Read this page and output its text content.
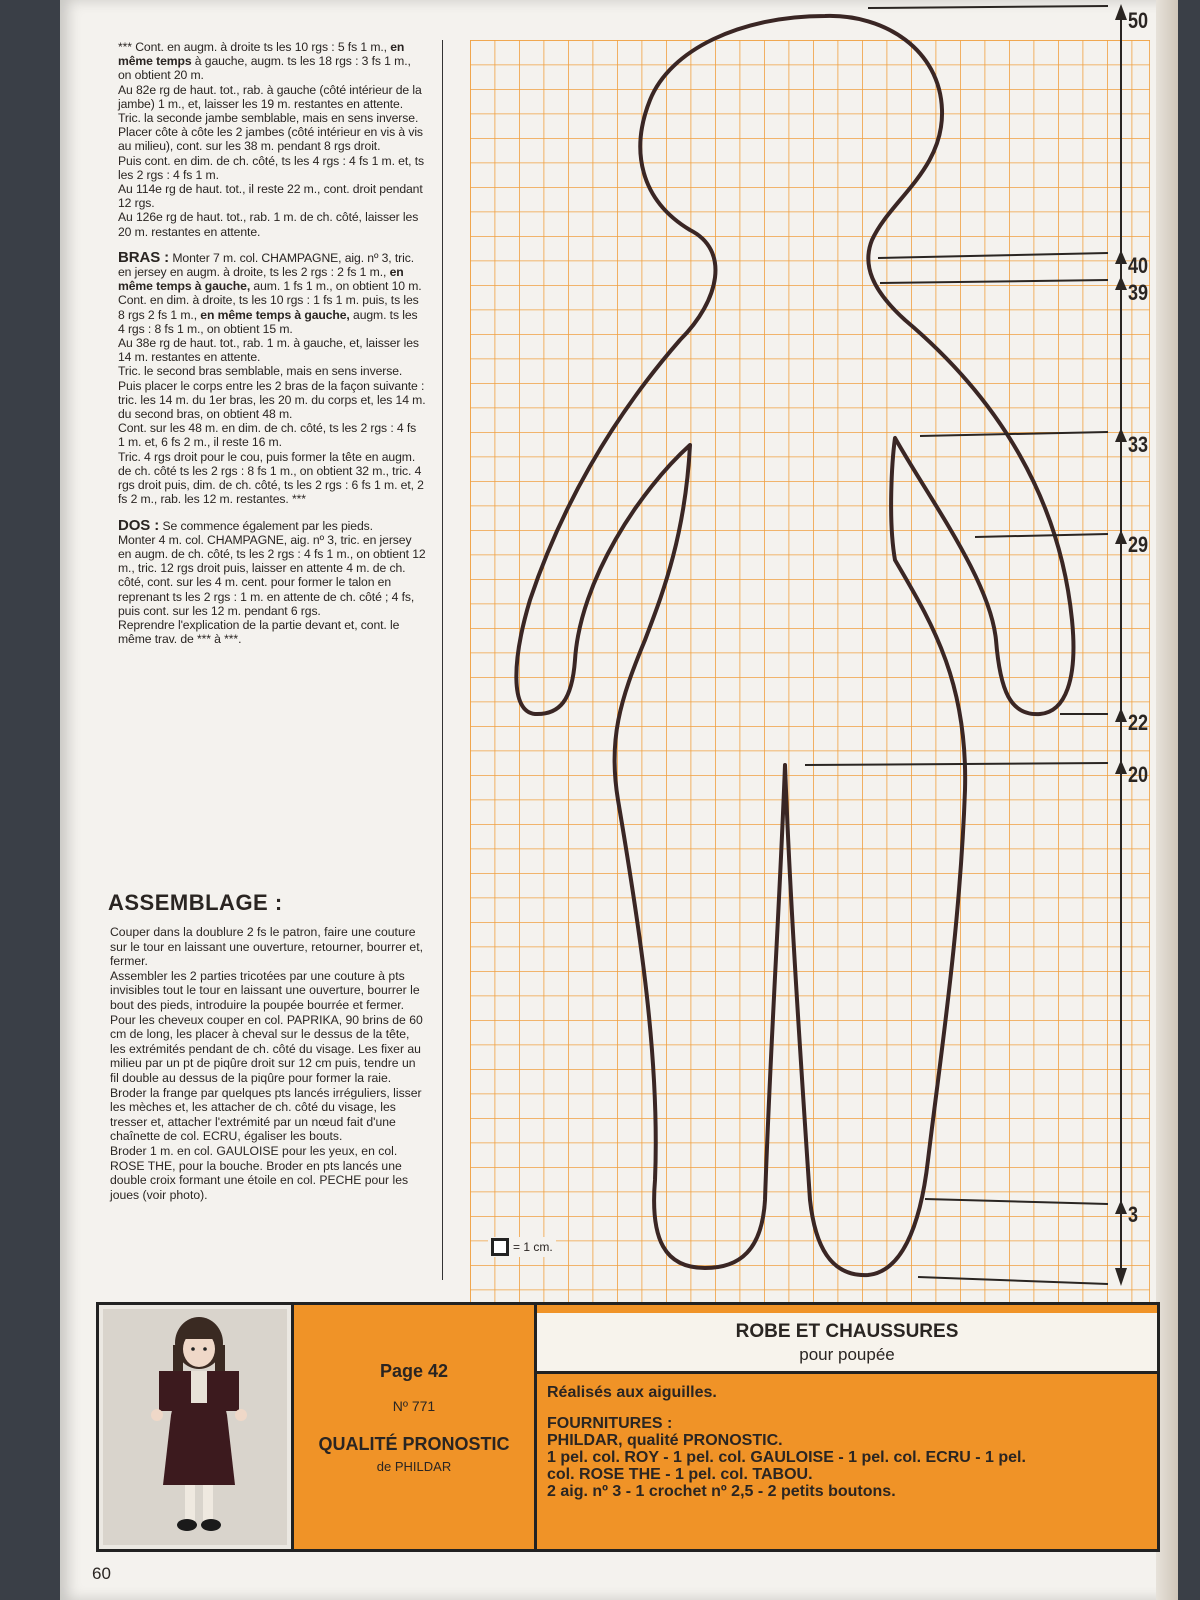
*** Cont. en augm. à droite ts les 10 rgs : 5 fs 1 m., en même temps à gauche, augm. ts les 18 rgs : 3 fs 1 m., on obtient 20 m.

Au 82e rg de haut. tot., rab. à gauche (côté intérieur de la jambe) 1 m., et, laisser les 19 m. restantes en attente.

Tric. la seconde jambe semblable, mais en sens inverse.

Placer côte à côte les 2 jambes (côté intérieur en vis à vis au milieu), cont. sur les 38 m. pendant 8 rgs droit.

Puis cont. en dim. de ch. côté, ts les 4 rgs : 4 fs 1 m. et, ts les 2 rgs : 4 fs 1 m.

Au 114e rg de haut. tot., il reste 22 m., cont. droit pendant 12 rgs.

Au 126e rg de haut. tot., rab. 1 m. de ch. côté, laisser les 20 m. restantes en attente.

BRAS : Monter 7 m. col. CHAMPAGNE, aig. nº 3, tric. en jersey en augm. à droite, ts les 2 rgs : 2 fs 1 m., en même temps à gauche, aum. 1 fs 1 m., on obtient 10 m.

Cont. en dim. à droite, ts les 10 rgs : 1 fs 1 m. puis, ts les 8 rgs 2 fs 1 m., en même temps à gauche, augm. ts les 4 rgs : 8 fs 1 m., on obtient 15 m.

Au 38e rg de haut. tot., rab. 1 m. à gauche, et, laisser les 14 m. restantes en attente.

Tric. le second bras semblable, mais en sens inverse.

Puis placer le corps entre les 2 bras de la façon suivante : tric. les 14 m. du 1er bras, les 20 m. du corps et, les 14 m. du second bras, on obtient 48 m.

Cont. sur les 48 m. en dim. de ch. côté, ts les 2 rgs : 4 fs 1 m. et, 6 fs 2 m., il reste 16 m.

Tric. 4 rgs droit pour le cou, puis former la tête en augm. de ch. côté ts les 2 rgs : 8 fs 1 m., on obtient 32 m., tric. 4 rgs droit puis, dim. de ch. côté, ts les 2 rgs : 6 fs 1 m. et, 2 fs 2 m., rab. les 12 m. restantes. ***

DOS : Se commence également par les pieds.

Monter 4 m. col. CHAMPAGNE, aig. nº 3, tric. en jersey en augm. de ch. côté, ts les 2 rgs : 4 fs 1 m., on obtient 12 m., tric. 12 rgs droit puis, laisser en attente 4 m. de ch. côté, cont. sur les 4 m. cent. pour former le talon en reprenant ts les 2 rgs : 1 m. en attente de ch. côté ; 4 fs, puis cont. sur les 12 m. pendant 6 rgs.

Reprendre l'explication de la partie devant et, cont. le même trav. de *** à ***.

ASSEMBLAGE :

Couper dans la doublure 2 fs le patron, faire une couture sur le tour en laissant une ouverture, retourner, bourrer et, fermer.

Assembler les 2 parties tricotées par une couture à pts invisibles tout le tour en laissant une ouverture, bourrer le bout des pieds, introduire la poupée bourrée et fermer.

Pour les cheveux couper en col. PAPRIKA, 90 brins de 60 cm de long, les placer à cheval sur le dessus de la tête, les extrémités pendant de ch. côté du visage. Les fixer au milieu par un pt de piqûre droit sur 12 cm puis, tendre un fil double au dessus de la piqûre pour former la raie. Broder la frange par quelques pts lancés irréguliers, lisser les mèches et, les attacher de ch. côté du visage, les tresser et, attacher l'extrémité par un nœud fait d'une chaînette de col. ECRU, égaliser les bouts.

Broder 1 m. en col. GAULOISE pour les yeux, en col. ROSE THE, pour la bouche. Broder en pts lancés une double croix formant une étoile en col. PECHE pour les joues (voir photo).

50
40
39
33
29
22
20
3
= 1 cm.
Page 42
Nº 771
QUALITÉ PRONOSTIC
de PHILDAR
ROBE ET CHAUSSURES
pour poupée
Réalisés aux aiguilles.
FOURNITURES :
PHILDAR, qualité PRONOSTIC.
1 pel. col. ROY - 1 pel. col. GAULOISE - 1 pel. col. ECRU - 1 pel.
col. ROSE THE - 1 pel. col. TABOU.
2 aig. nº 3 - 1 crochet nº 2,5 - 2 petits boutons.
60
